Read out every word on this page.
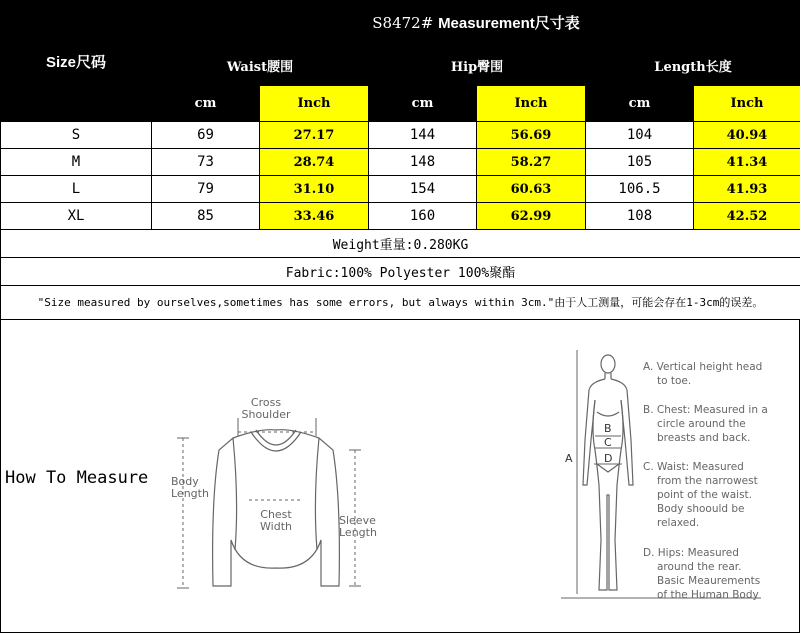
Size尺码	S8472# Measurement尺寸表					
	Waist腰围		Hip臀围		Length长度	
	cm	Inch	cm	Inch	cm	Inch
S	69	27.17	144	56.69	104	40.94
M	73	28.74	148	58.27	105	41.34
L	79	31.10	154	60.63	106.5	41.93
XL	85	33.46	160	62.99	108	42.52
Weight重量:0.280KG						
Fabric:100% Polyester 100%聚酯						
"Size measured by ourselves,sometimes has some errors, but always within 3cm."由于人工测量，可能会存在1-3cm的误差。						
How To Measure
Cross Shoulder
Body Length
Chest Width	Sleeve Length
A
B
C
D
A. Vertical height head to toe.
B. Chest: Measured in a circle around the breasts and back.
C. Waist: Measured from the narrowest point of the waist. Body shoould be relaxed.
D. Hips: Measured around the rear. Basic Meaurements of the Human Body
